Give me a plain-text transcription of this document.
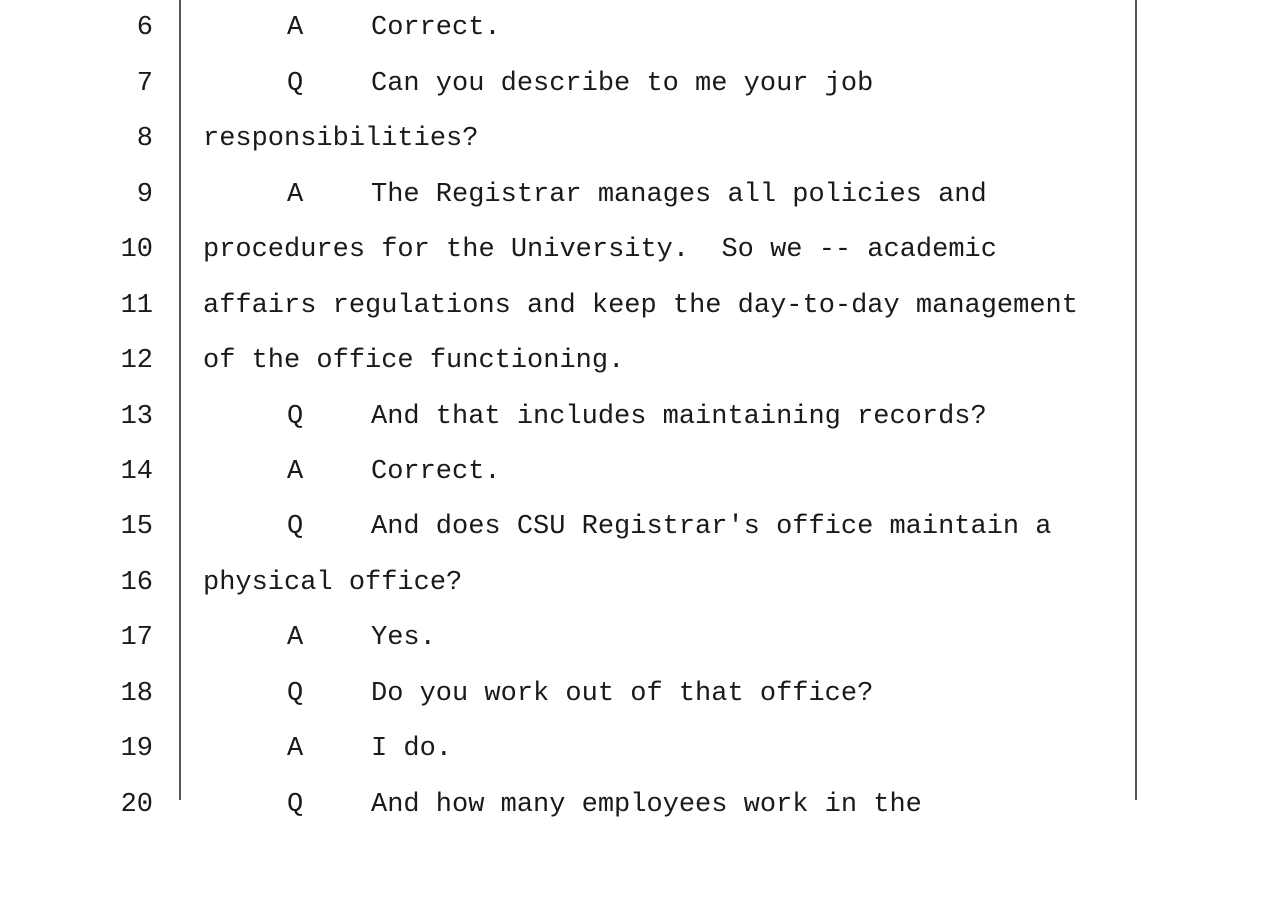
6

	A	Correct.

7

	Q	Can you describe to me your job

8

responsibilities?

9

	A	The Registrar manages all policies and

10

procedures for the University.  So we -- academic

11

affairs regulations and keep the day-to-day management

12

of the office functioning.

13

	Q	And that includes maintaining records?

14

	A	Correct.

15

	Q	And does CSU Registrar's office maintain a

16

physical office?

17

	A	Yes.

18

	Q	Do you work out of that office?

19

	A	I do.

20

	Q	And how many employees work in the
